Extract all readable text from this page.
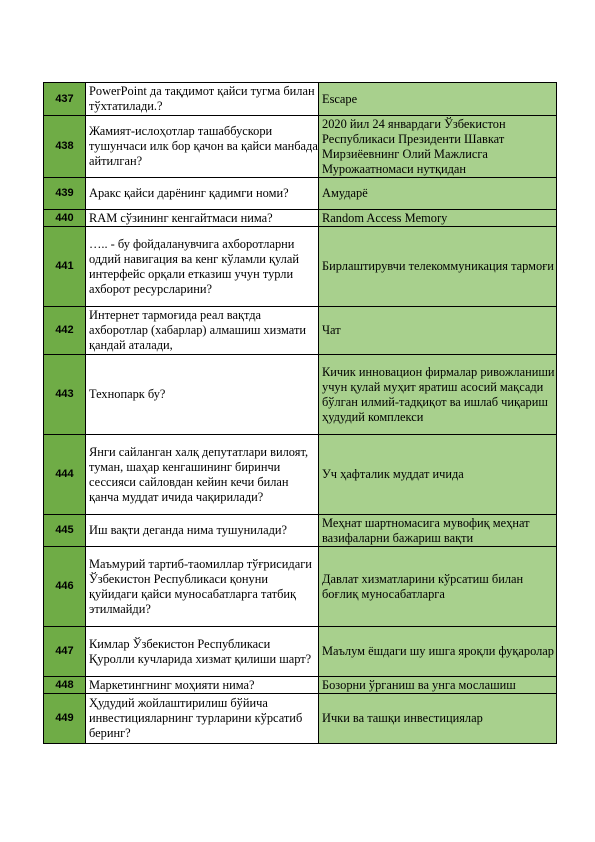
437	PowerPoint да тақдимот қайси тугма билан тўхтатилади.?	Escape
438	Жамият-ислоҳотлар ташаббускори тушунчаси илк бор қачон ва қайси манбада айтилган?	2020 йил 24 январдаги Ўзбекистон Республикаси Президенти Шавкат Мирзиёевнинг Олий Мажлисга Мурожаатномаси нутқидан
439	Аракс қайси дарёнинг қадимги номи?	Амударё
440	RAM сўзининг кенгайтмаси нима?	Random Access Memory
441	….. - бу фойдаланувчига ахборотларни оддий навигация ва кенг кўламли қулай интерфейс орқали етказиш учун турли ахборот ресурсларини?	Бирлаштирувчи телекоммуникация тармоғи
442	Интернет тармоғида реал вақтда ахборотлар (хабарлар) алмашиш хизмати қандай аталади,	Чат
443	Технопарк бу?	Кичик инновацион фирмалар ривожланиши учун қулай муҳит яратиш асосий мақсади бўлган илмий-тадқиқот ва ишлаб чиқариш ҳудудий комплекси
444	Янги сайланган халқ депутатлари вилоят, туман, шаҳар кенгашининг биринчи сессияси сайловдан кейин кечи билан қанча муддат ичида чақирилади?	Уч ҳафталик муддат ичида
445	Иш вақти деганда нима тушунилади?	Меҳнат шартномасига мувофиқ меҳнат вазифаларни бажариш вақти
446	Маъмурий тартиб-таомиллар тўғрисидаги Ўзбекистон Республикаси қонуни қуйидаги қайси муносабатларга татбиқ этилмайди?	Давлат хизматларини кўрсатиш билан боғлиқ муносабатларга
447	Кимлар Ўзбекистон Республикаси Қуролли кучларида хизмат қилиши шарт?	Маълум ёшдаги шу ишга яроқли фуқаролар
448	Маркетингнинг моҳияти нима?	Бозорни ўрганиш ва унга мослашиш
449	Ҳудудий жойлаштирилиш бўйича инвестицияларнинг турларини кўрсатиб беринг?	Ички ва ташқи инвестициялар
